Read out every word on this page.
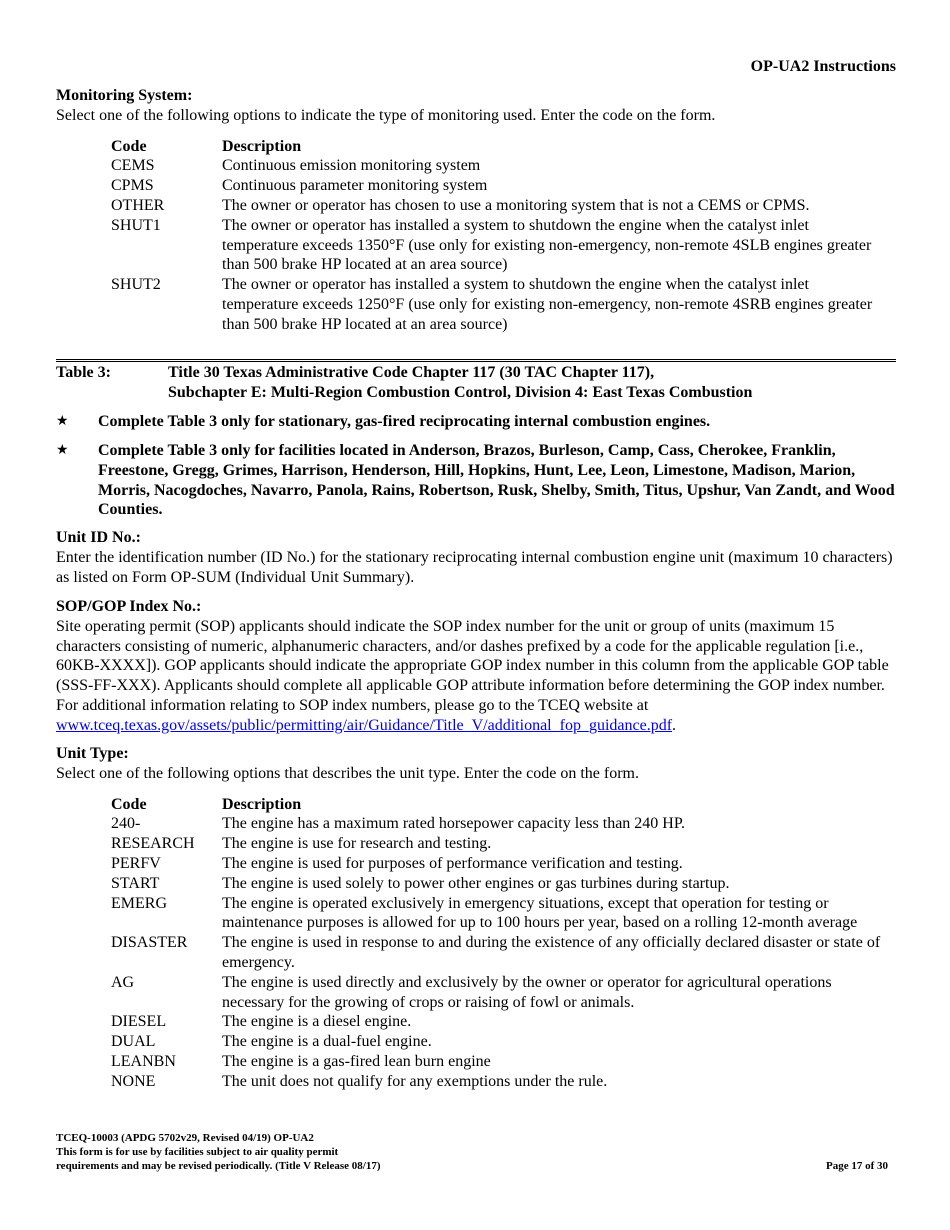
OP-UA2 Instructions
Monitoring System:
Select one of the following options to indicate the type of monitoring used. Enter the code on the form.
Code	Description
CEMS	Continuous emission monitoring system
CPMS	Continuous parameter monitoring system
OTHER	The owner or operator has chosen to use a monitoring system that is not a CEMS or CPMS.
SHUT1	The owner or operator has installed a system to shutdown the engine when the catalyst inlet temperature exceeds 1350°F (use only for existing non-emergency, non-remote 4SLB engines greater than 500 brake HP located at an area source)
SHUT2	The owner or operator has installed a system to shutdown the engine when the catalyst inlet temperature exceeds 1250°F (use only for existing non-emergency, non-remote 4SRB engines greater than 500 brake HP located at an area source)
Table 3:	Title 30 Texas Administrative Code Chapter 117 (30 TAC Chapter 117),
Subchapter E: Multi-Region Combustion Control, Division 4: East Texas Combustion
★ Complete Table 3 only for stationary, gas-fired reciprocating internal combustion engines.
★ Complete Table 3 only for facilities located in Anderson, Brazos, Burleson, Camp, Cass, Cherokee, Franklin, Freestone, Gregg, Grimes, Harrison, Henderson, Hill, Hopkins, Hunt, Lee, Leon, Limestone, Madison, Marion, Morris, Nacogdoches, Navarro, Panola, Rains, Robertson, Rusk, Shelby, Smith, Titus, Upshur, Van Zandt, and Wood Counties.
Unit ID No.:
Enter the identification number (ID No.) for the stationary reciprocating internal combustion engine unit (maximum 10 characters) as listed on Form OP-SUM (Individual Unit Summary).
SOP/GOP Index No.:
Site operating permit (SOP) applicants should indicate the SOP index number for the unit or group of units (maximum 15 characters consisting of numeric, alphanumeric characters, and/or dashes prefixed by a code for the applicable regulation [i.e., 60KB-XXXX]). GOP applicants should indicate the appropriate GOP index number in this column from the applicable GOP table (SSS-FF-XXX). Applicants should complete all applicable GOP attribute information before determining the GOP index number. For additional information relating to SOP index numbers, please go to the TCEQ website at www.tceq.texas.gov/assets/public/permitting/air/Guidance/Title_V/additional_fop_guidance.pdf.
Unit Type:
Select one of the following options that describes the unit type. Enter the code on the form.
Code	Description
240-	The engine has a maximum rated horsepower capacity less than 240 HP.
RESEARCH	The engine is use for research and testing.
PERFV	The engine is used for purposes of performance verification and testing.
START	The engine is used solely to power other engines or gas turbines during startup.
EMERG	The engine is operated exclusively in emergency situations, except that operation for testing or maintenance purposes is allowed for up to 100 hours per year, based on a rolling 12-month average
DISASTER	The engine is used in response to and during the existence of any officially declared disaster or state of emergency.
AG	The engine is used directly and exclusively by the owner or operator for agricultural operations necessary for the growing of crops or raising of fowl or animals.
DIESEL	The engine is a diesel engine.
DUAL	The engine is a dual-fuel engine.
LEANBN	The engine is a gas-fired lean burn engine
NONE	The unit does not qualify for any exemptions under the rule.
TCEQ-10003 (APDG 5702v29, Revised 04/19) OP-UA2
This form is for use by facilities subject to air quality permit
requirements and may be revised periodically. (Title V Release 08/17)	Page 17 of 30
